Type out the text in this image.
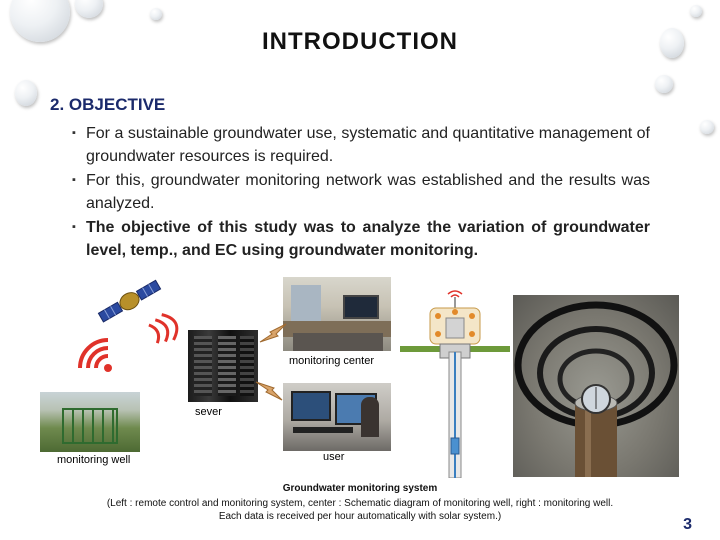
INTRODUCTION
2. OBJECTIVE
▪ For a sustainable groundwater use, systematic and quantitative management of groundwater resources is required.
▪ For this, groundwater monitoring network was established and the results was analyzed.
▪ The objective of this study was to analyze the variation of groundwater level, temp., and EC using groundwater monitoring.
monitoring center
sever
monitoring well	user
Groundwater monitoring system
(Left : remote control and monitoring system, center : Schematic diagram of monitoring well, right : monitoring well.
Each data is received per hour automatically with solar system.)	3
